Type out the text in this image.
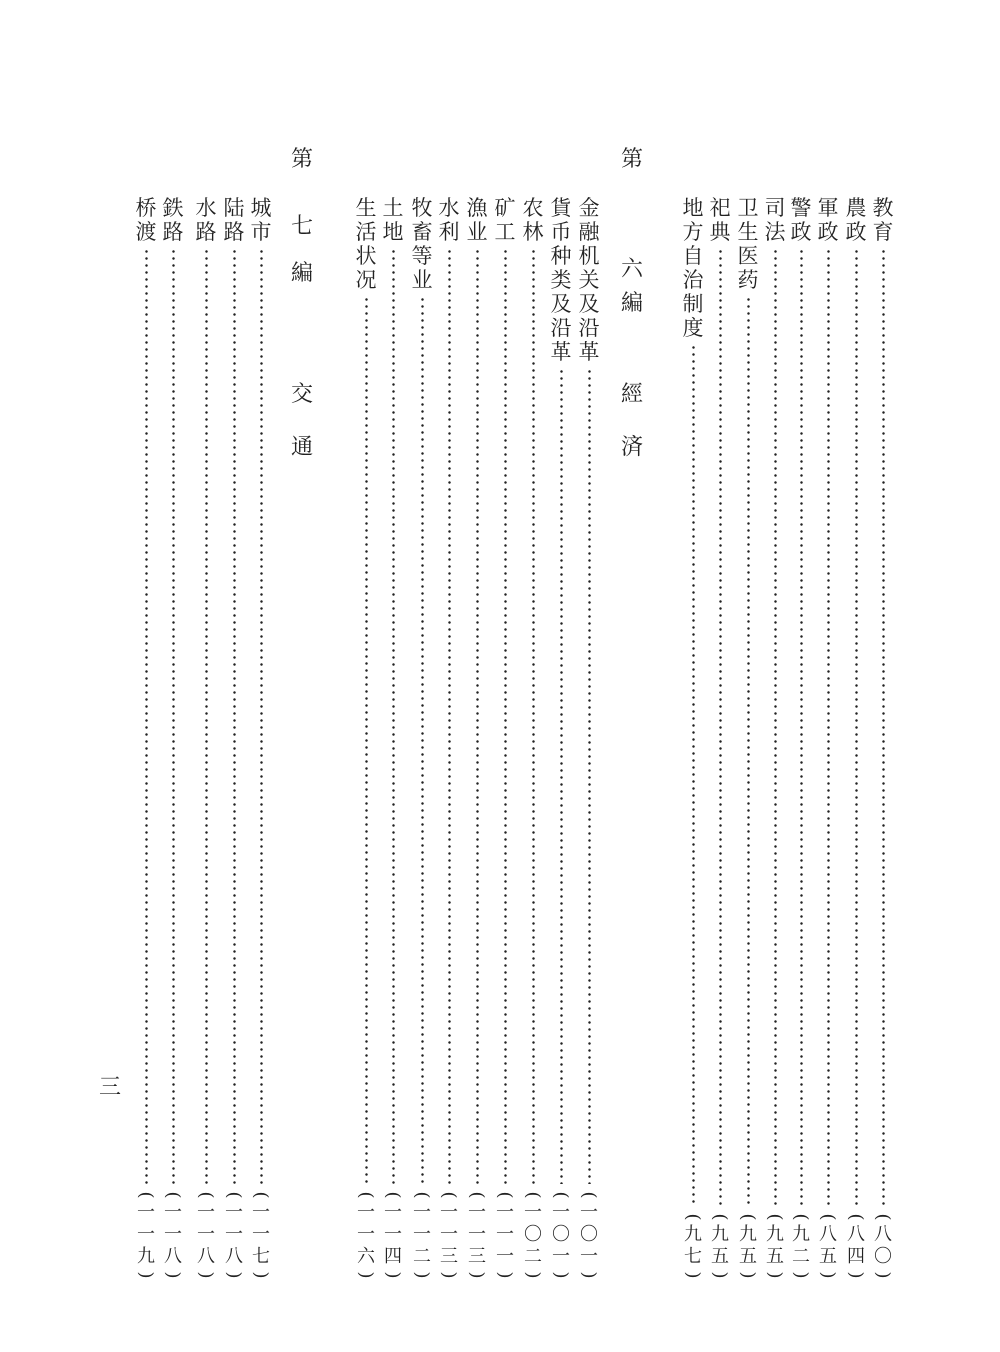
第
六
編
經
済
第
七
編
交
通
教
育
(
八
〇
)
農
政
(
八
四
)
軍
政
(
八
五
)
警
政
(
九
二
)
司
法
(
九
五
)
卫
生
医
药
(
九
五
)
祀
典
(
九
五
)
地
方
自
治
制
度
(
九
七
)
金
融
机
关
及
沿
革
(
一
〇
一
)
貨
币
种
类
及
沿
革
(
一
〇
一
)
农
林
(
一
〇
二
)
矿
工
(
一
一
一
)
漁
业
(
一
一
三
)
水
利
(
一
一
三
)
牧
畜
等
业
(
一
一
二
)
土
地
(
一
一
四
)
生
活
状
况
(
一
一
六
)
城
市
(
一
一
七
)
陆
路
(
一
一
八
)
水
路
(
一
一
八
)
鉄
路
(
一
一
八
)
桥
渡
(
一
一
九
)
三
